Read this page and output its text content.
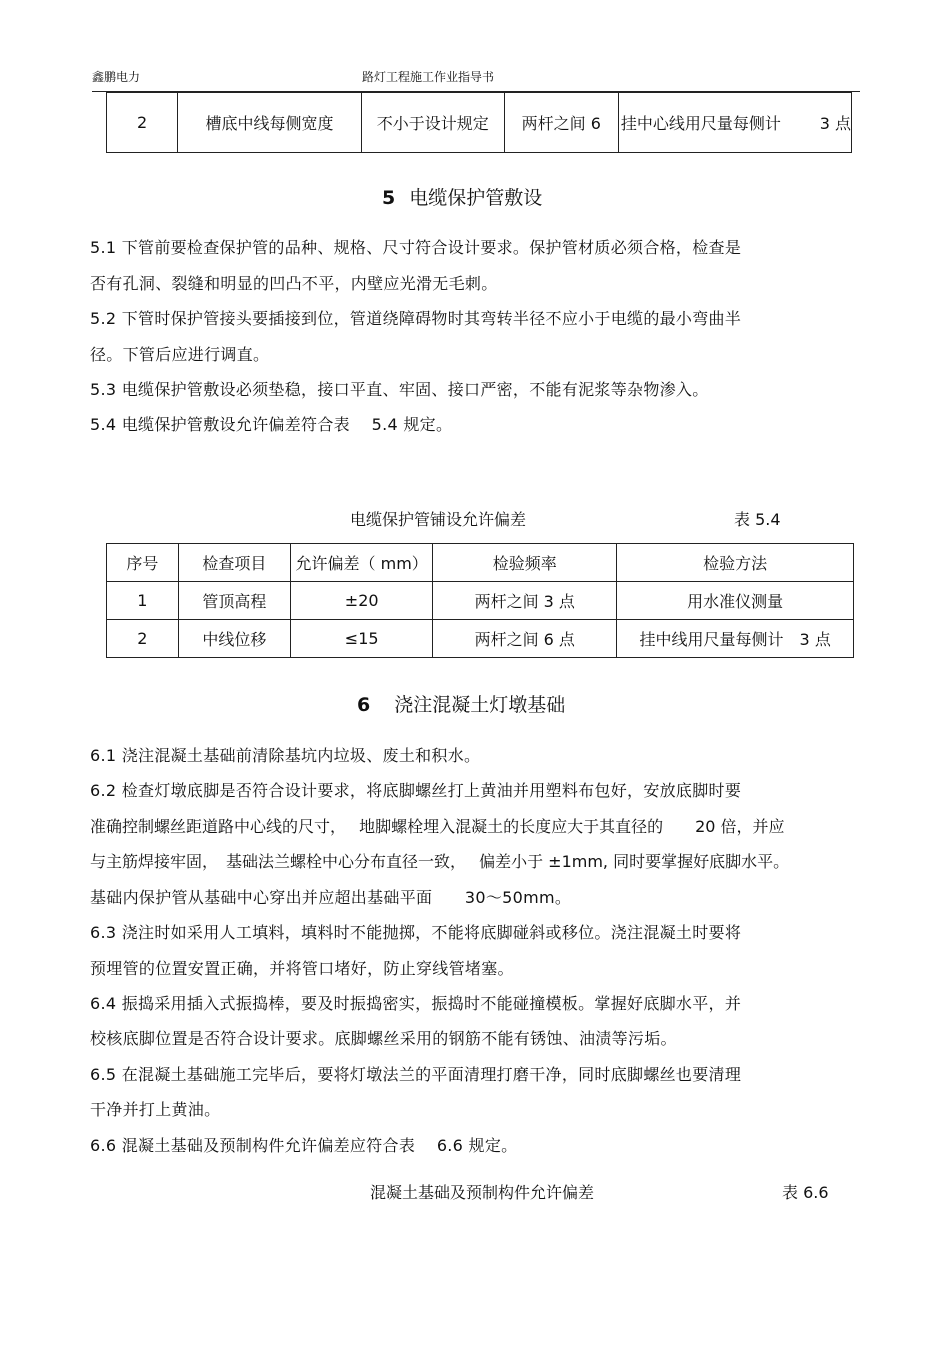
鑫鹏电力	路灯工程施工作业指导书
2	槽底中线每侧宽度	不小于设计规定	两杆之间 6	挂中心线用尺量每侧计	3 点
5 电缆保护管敷设
5.1 下管前要检查保护管的品种、规格、尺寸符合设计要求。保护管材质必须合格，检查是
否有孔洞、裂缝和明显的凹凸不平，内壁应光滑无毛刺。
5.2 下管时保护管接头要插接到位，管道绕障碍物时其弯转半径不应小于电缆的最小弯曲半
径。下管后应进行调直。
5.3 电缆保护管敷设必须垫稳，接口平直、牢固、接口严密，不能有泥浆等杂物渗入。
5.4 电缆保护管敷设允许偏差符合表　 5.4 规定。
电缆保护管铺设允许偏差	表 5.4
序号	检查项目	允许偏差（ mm）	检验频率	检验方法
1	管顶高程	±20	两杆之间 3 点	用水准仪测量
2	中线位移	≤15	两杆之间 6 点	挂中线用尺量每侧计　3 点
6 浇注混凝土灯墩基础
6.1 浇注混凝土基础前清除基坑内垃圾、废土和积水。
6.2 检查灯墩底脚是否符合设计要求，将底脚螺丝打上黄油并用塑料布包好，安放底脚时要
准确控制螺丝距道路中心线的尺寸，　 地脚螺栓埋入混凝土的长度应大于其直径的　　20 倍，并应
与主筋焊接牢固，　基础法兰螺栓中心分布直径一致，　 偏差小于 ±1mm, 同时要掌握好底脚水平。
基础内保护管从基础中心穿出并应超出基础平面　　30～50mm。
6.3 浇注时如采用人工填料，填料时不能抛掷，不能将底脚碰斜或移位。浇注混凝土时要将
预埋管的位置安置正确，并将管口堵好，防止穿线管堵塞。
6.4 振捣采用插入式振捣棒，要及时振捣密实，振捣时不能碰撞模板。掌握好底脚水平，并
校核底脚位置是否符合设计要求。底脚螺丝采用的钢筋不能有锈蚀、油渍等污垢。
6.5 在混凝土基础施工完毕后，要将灯墩法兰的平面清理打磨干净，同时底脚螺丝也要清理
干净并打上黄油。
6.6 混凝土基础及预制构件允许偏差应符合表　 6.6 规定。
混凝土基础及预制构件允许偏差	表 6.6
